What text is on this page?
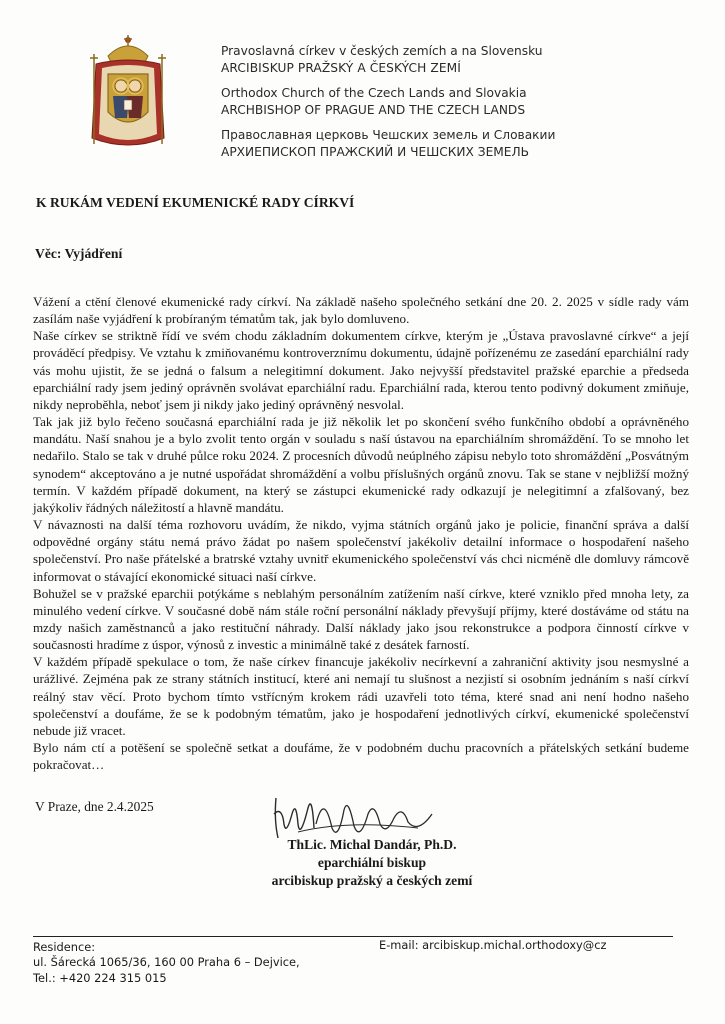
Pravoslavná církev v českých zemích a na Slovensku
ARCIBISKUP PRAŽSKÝ A ČESKÝCH ZEMÍ
Orthodox Church of the Czech Lands and Slovakia
ARCHBISHOP OF PRAGUE AND THE CZECH LANDS
Православная церковь Чешских земель и Словакии
АРХИЕПИСКОП ПРАЖСКИЙ И ЧЕШСКИХ ЗЕМЕЛЬ
K RUKÁM VEDENÍ EKUMENICKÉ RADY CÍRKVÍ
Věc: Vyjádření

Vážení a ctění členové ekumenické rady církví. Na základě našeho společného setkání dne 20. 2. 2025 v sídle rady vám zasílám naše vyjádření k probíraným tématům tak, jak bylo domluveno.

Naše církev se striktně řídí ve svém chodu základním dokumentem církve, kterým je „Ústava pravoslavné církve“ a její prováděcí předpisy. Ve vztahu k zmiňovanému kontroverznímu dokumentu, údajně pořízenému ze zasedání eparchiální rady vás mohu ujistit, že se jedná o falsum a nelegitimní dokument. Jako nejvyšší představitel pražské eparchie a předseda eparchiální rady jsem jediný oprávněn svolávat eparchiální radu. Eparchiální rada, kterou tento podivný dokument zmiňuje, nikdy neproběhla, neboť jsem ji nikdy jako jediný oprávněný nesvolal.

Tak jak již bylo řečeno současná eparchiální rada je již několik let po skončení svého funkčního období a oprávněného mandátu. Naší snahou je a bylo zvolit tento orgán v souladu s naší ústavou na eparchiálním shromáždění. To se mnoho let nedařilo. Stalo se tak v druhé půlce roku 2024. Z procesních důvodů neúplného zápisu nebylo toto shromáždění „Posvátným synodem“ akceptováno a je nutné uspořádat shromáždění a volbu příslušných orgánů znovu. Tak se stane v nejbližší možný termín. V každém případě dokument, na který se zástupci ekumenické rady odkazují je nelegitimní a zfalšovaný, bez jakýkoliv řádných náležitostí a hlavně mandátu.

V návaznosti na další téma rozhovoru uvádím, že nikdo, vyjma státních orgánů jako je policie, finanční správa a další odpovědné orgány státu nemá právo žádat po našem společenství jakékoliv detailní informace o hospodaření našeho společenství. Pro naše přátelské a bratrské vztahy uvnitř ekumenického společenství vás chci nicméně dle domluvy rámcově informovat o stávající ekonomické situaci naší církve.

Bohužel se v pražské eparchii potýkáme s neblahým personálním zatížením naší církve, které vzniklo před mnoha lety, za minulého vedení církve. V současné době nám stále roční personální náklady převyšují příjmy, které dostáváme od státu na mzdy našich zaměstnanců a jako restituční náhrady. Další náklady jako jsou rekonstrukce a podpora činností církve v současnosti hradíme z úspor, výnosů z investic a minimálně také z desátek farností.

V každém případě spekulace o tom, že naše církev financuje jakékoliv necírkevní a zahraniční aktivity jsou nesmyslné a urážlivé. Zejména pak ze strany státních institucí, které ani nemají tu slušnost a nezjistí si osobním jednáním s naší církví reálný stav věcí. Proto bychom tímto vstřícným krokem rádi uzavřeli toto téma, které snad ani není hodno našeho společenství a doufáme, že se k podobným tématům, jako je hospodaření jednotlivých církví, ekumenické společenství nebude již vracet.

Bylo nám ctí a potěšení se společně setkat a doufáme, že v podobném duchu pracovních a přátelských setkání budeme pokračovat…

V Praze, dne 2.4.2025
ThLic. Michal Dandár, Ph.D.
eparchiální biskup
arcibiskup pražský a českých zemí
Residence:
ul. Šárecká 1065/36, 160 00 Praha 6 – Dejvice,
Tel.: +420 224 315 015
E-mail: arcibiskup.michal.orthodoxy@cz
